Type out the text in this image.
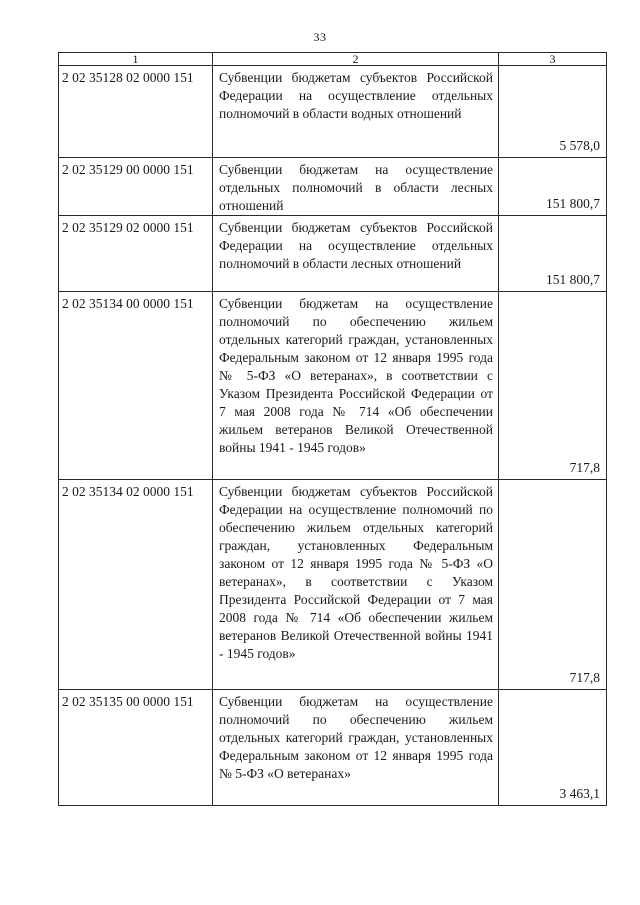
33
1	2	3
2 02 35128 02 0000 151	Субвенции бюджетам субъектов Российской Федерации на осуществление отдельных полномочий в области водных отношений	5 578,0
2 02 35129 00 0000 151	Субвенции бюджетам на осуществление отдельных полномочий в области лесных отношений	151 800,7
2 02 35129 02 0000 151	Субвенции бюджетам субъектов Российской Федерации на осуществление отдельных полномочий в области лесных отношений	151 800,7
2 02 35134 00 0000 151	Субвенции бюджетам на осуществление полномочий по обеспечению жильем отдельных категорий граждан, установленных Федеральным законом от 12 января 1995 года № 5-ФЗ «О ветеранах», в соответствии с Указом Президента Российской Федерации от 7 мая 2008 года № 714 «Об обеспечении жильем ветеранов Великой Отечественной войны 1941 - 1945 годов»	717,8
2 02 35134 02 0000 151	Субвенции бюджетам субъектов Российской Федерации на осуществление полномочий по обеспечению жильем отдельных категорий граждан, установленных Федеральным законом от 12 января 1995 года № 5-ФЗ «О ветеранах», в соответствии с Указом Президента Российской Федерации от 7 мая 2008 года № 714 «Об обеспечении жильем ветеранов Великой Отечественной войны 1941 - 1945 годов»	717,8
2 02 35135 00 0000 151	Субвенции бюджетам на осуществление полномочий по обеспечению жильем отдельных категорий граждан, установленных Федеральным законом от 12 января 1995 года № 5-ФЗ «О ветеранах»	3 463,1
